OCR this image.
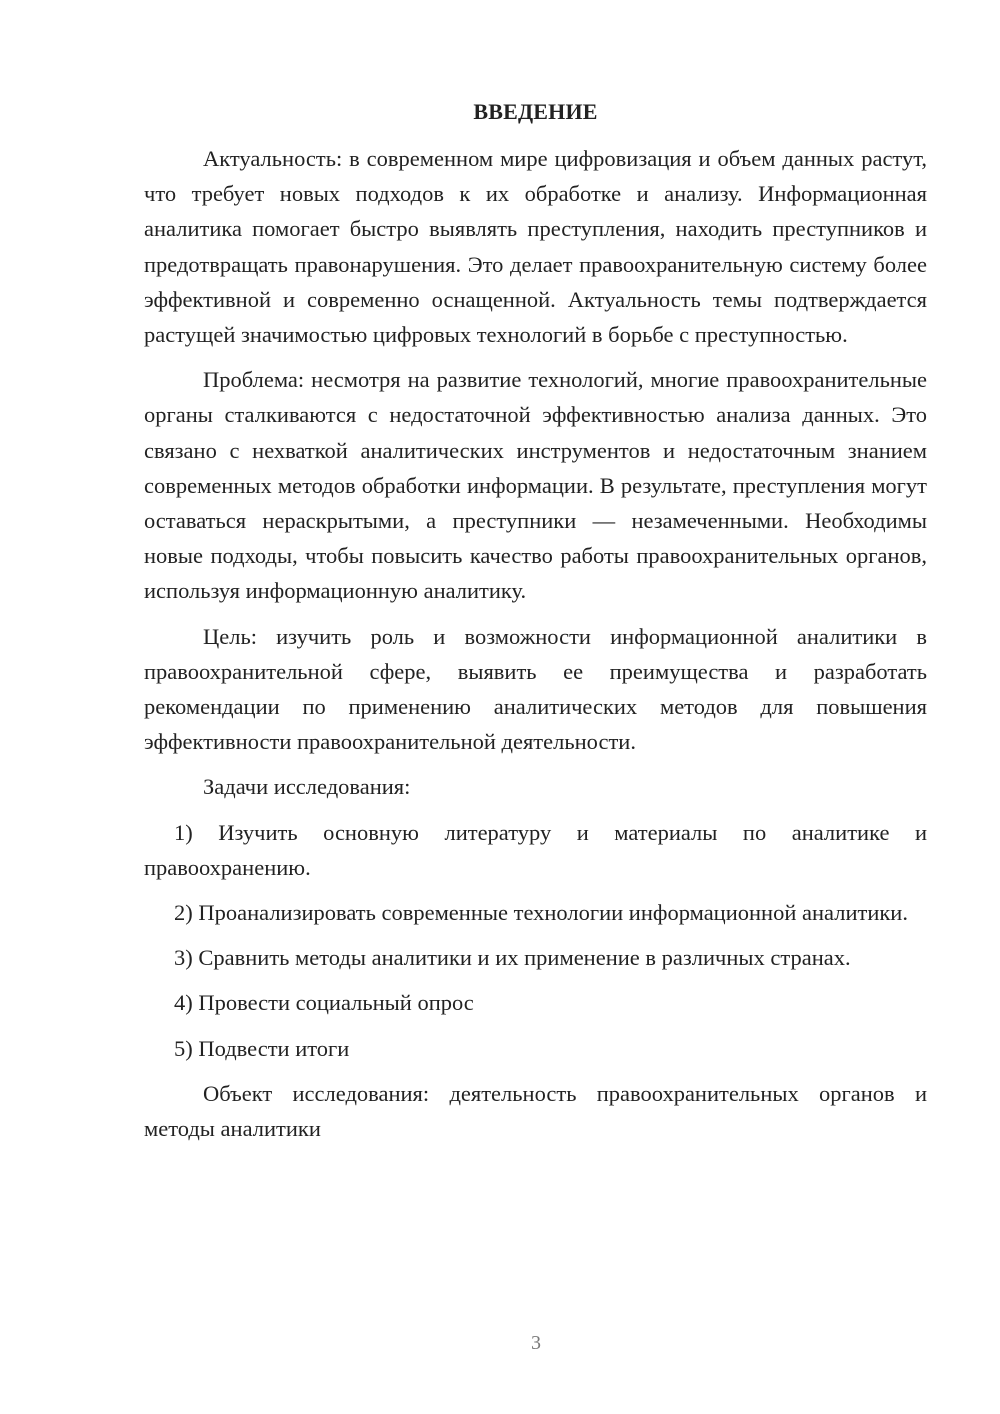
ВВЕДЕНИЕ

Актуальность: в современном мире цифровизация и объем данных растут, что требует новых подходов к их обработке и анализу. Информационная аналитика помогает быстро выявлять преступления, находить преступников и предотвращать правонарушения. Это делает правоохранительную систему более эффективной и современно оснащенной. Актуальность темы подтверждается растущей значимостью цифровых технологий в борьбе с преступностью.

Проблема: несмотря на развитие технологий, многие правоохранительные органы сталкиваются с недостаточной эффективностью анализа данных. Это связано с нехваткой аналитических инструментов и недостаточным знанием современных методов обработки информации. В результате, преступления могут оставаться нераскрытыми, а преступники — незамеченными. Необходимы новые подходы, чтобы повысить качество работы правоохранительных органов, используя информационную аналитику.

Цель: изучить роль и возможности информационной аналитики в правоохранительной сфере, выявить ее преимущества и разработать рекомендации по применению аналитических методов для повышения эффективности правоохранительной деятельности.

Задачи исследования:

1) Изучить основную литературу и материалы по аналитике и правоохранению.

2) Проанализировать современные технологии информационной аналитики.

3) Сравнить методы аналитики и их применение в различных странах.

4) Провести социальный опрос

5) Подвести итоги

Объект исследования: деятельность правоохранительных органов и методы аналитики

3
